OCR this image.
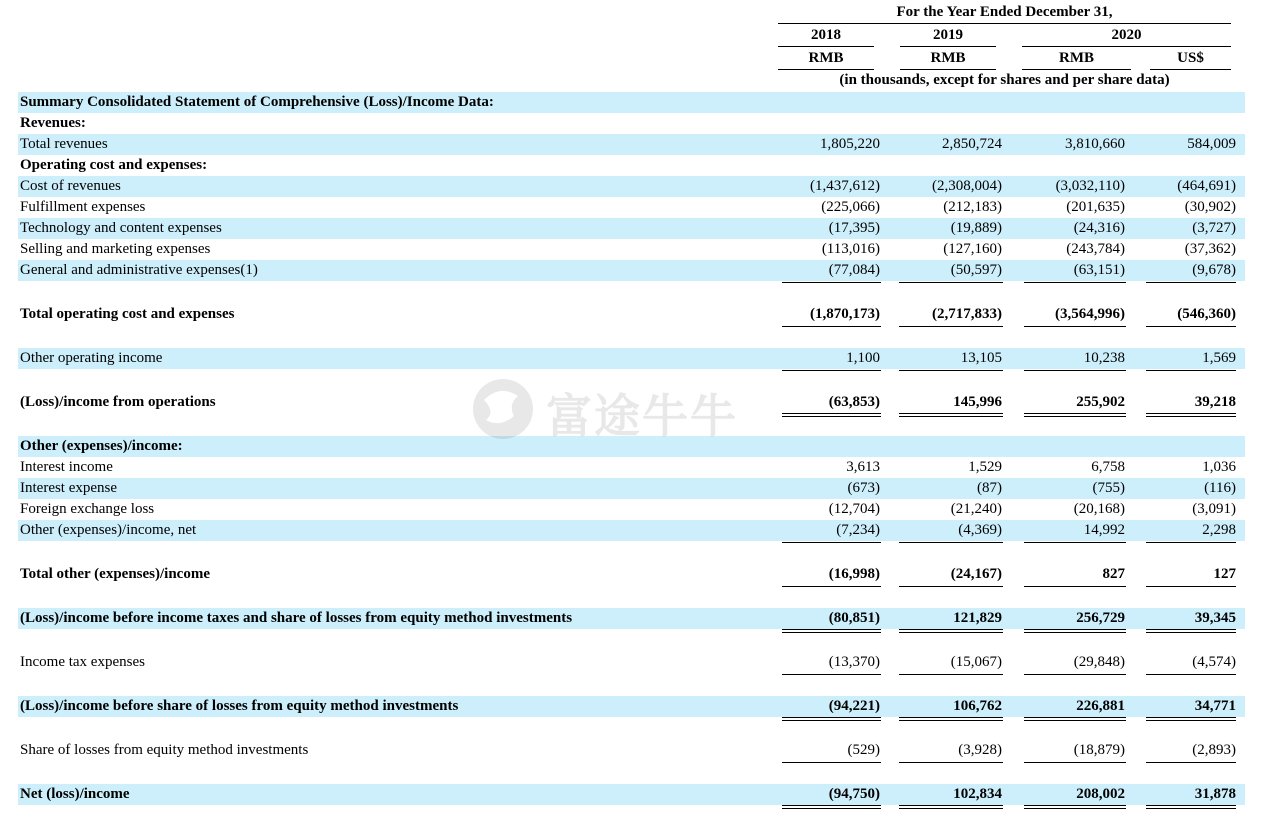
For the Year Ended December 31,
2018	2019	2020
RMB	RMB	RMB	US$
(in thousands, except for shares and per share data)
Summary Consolidated Statement of Comprehensive (Loss)/Income Data:
Revenues:
Total revenues	1,805,220	2,850,724	3,810,660	584,009
Operating cost and expenses:
Cost of revenues	(1,437,612)	(2,308,004)	(3,032,110)	(464,691)
Fulfillment expenses	(225,066)	(212,183)	(201,635)	(30,902)
Technology and content expenses	(17,395)	(19,889)	(24,316)	(3,727)
Selling and marketing expenses	(113,016)	(127,160)	(243,784)	(37,362)
General and administrative expenses(1)	(77,084)	(50,597)	(63,151)	(9,678)
Total operating cost and expenses	(1,870,173)	(2,717,833)	(3,564,996)	(546,360)
Other operating income	1,100	13,105	10,238	1,569
(Loss)/income from operations	(63,853)	145,996	255,902	39,218
Other (expenses)/income:
Interest income	3,613	1,529	6,758	1,036
Interest expense	(673)	(87)	(755)	(116)
Foreign exchange loss	(12,704)	(21,240)	(20,168)	(3,091)
Other (expenses)/income, net	(7,234)	(4,369)	14,992	2,298
Total other (expenses)/income	(16,998)	(24,167)	827	127
(Loss)/income before income taxes and share of losses from equity method investments	(80,851)	121,829	256,729	39,345
Income tax expenses	(13,370)	(15,067)	(29,848)	(4,574)
(Loss)/income before share of losses from equity method investments	(94,221)	106,762	226,881	34,771
Share of losses from equity method investments	(529)	(3,928)	(18,879)	(2,893)
Net (loss)/income	(94,750)	102,834	208,002	31,878
富途牛牛
